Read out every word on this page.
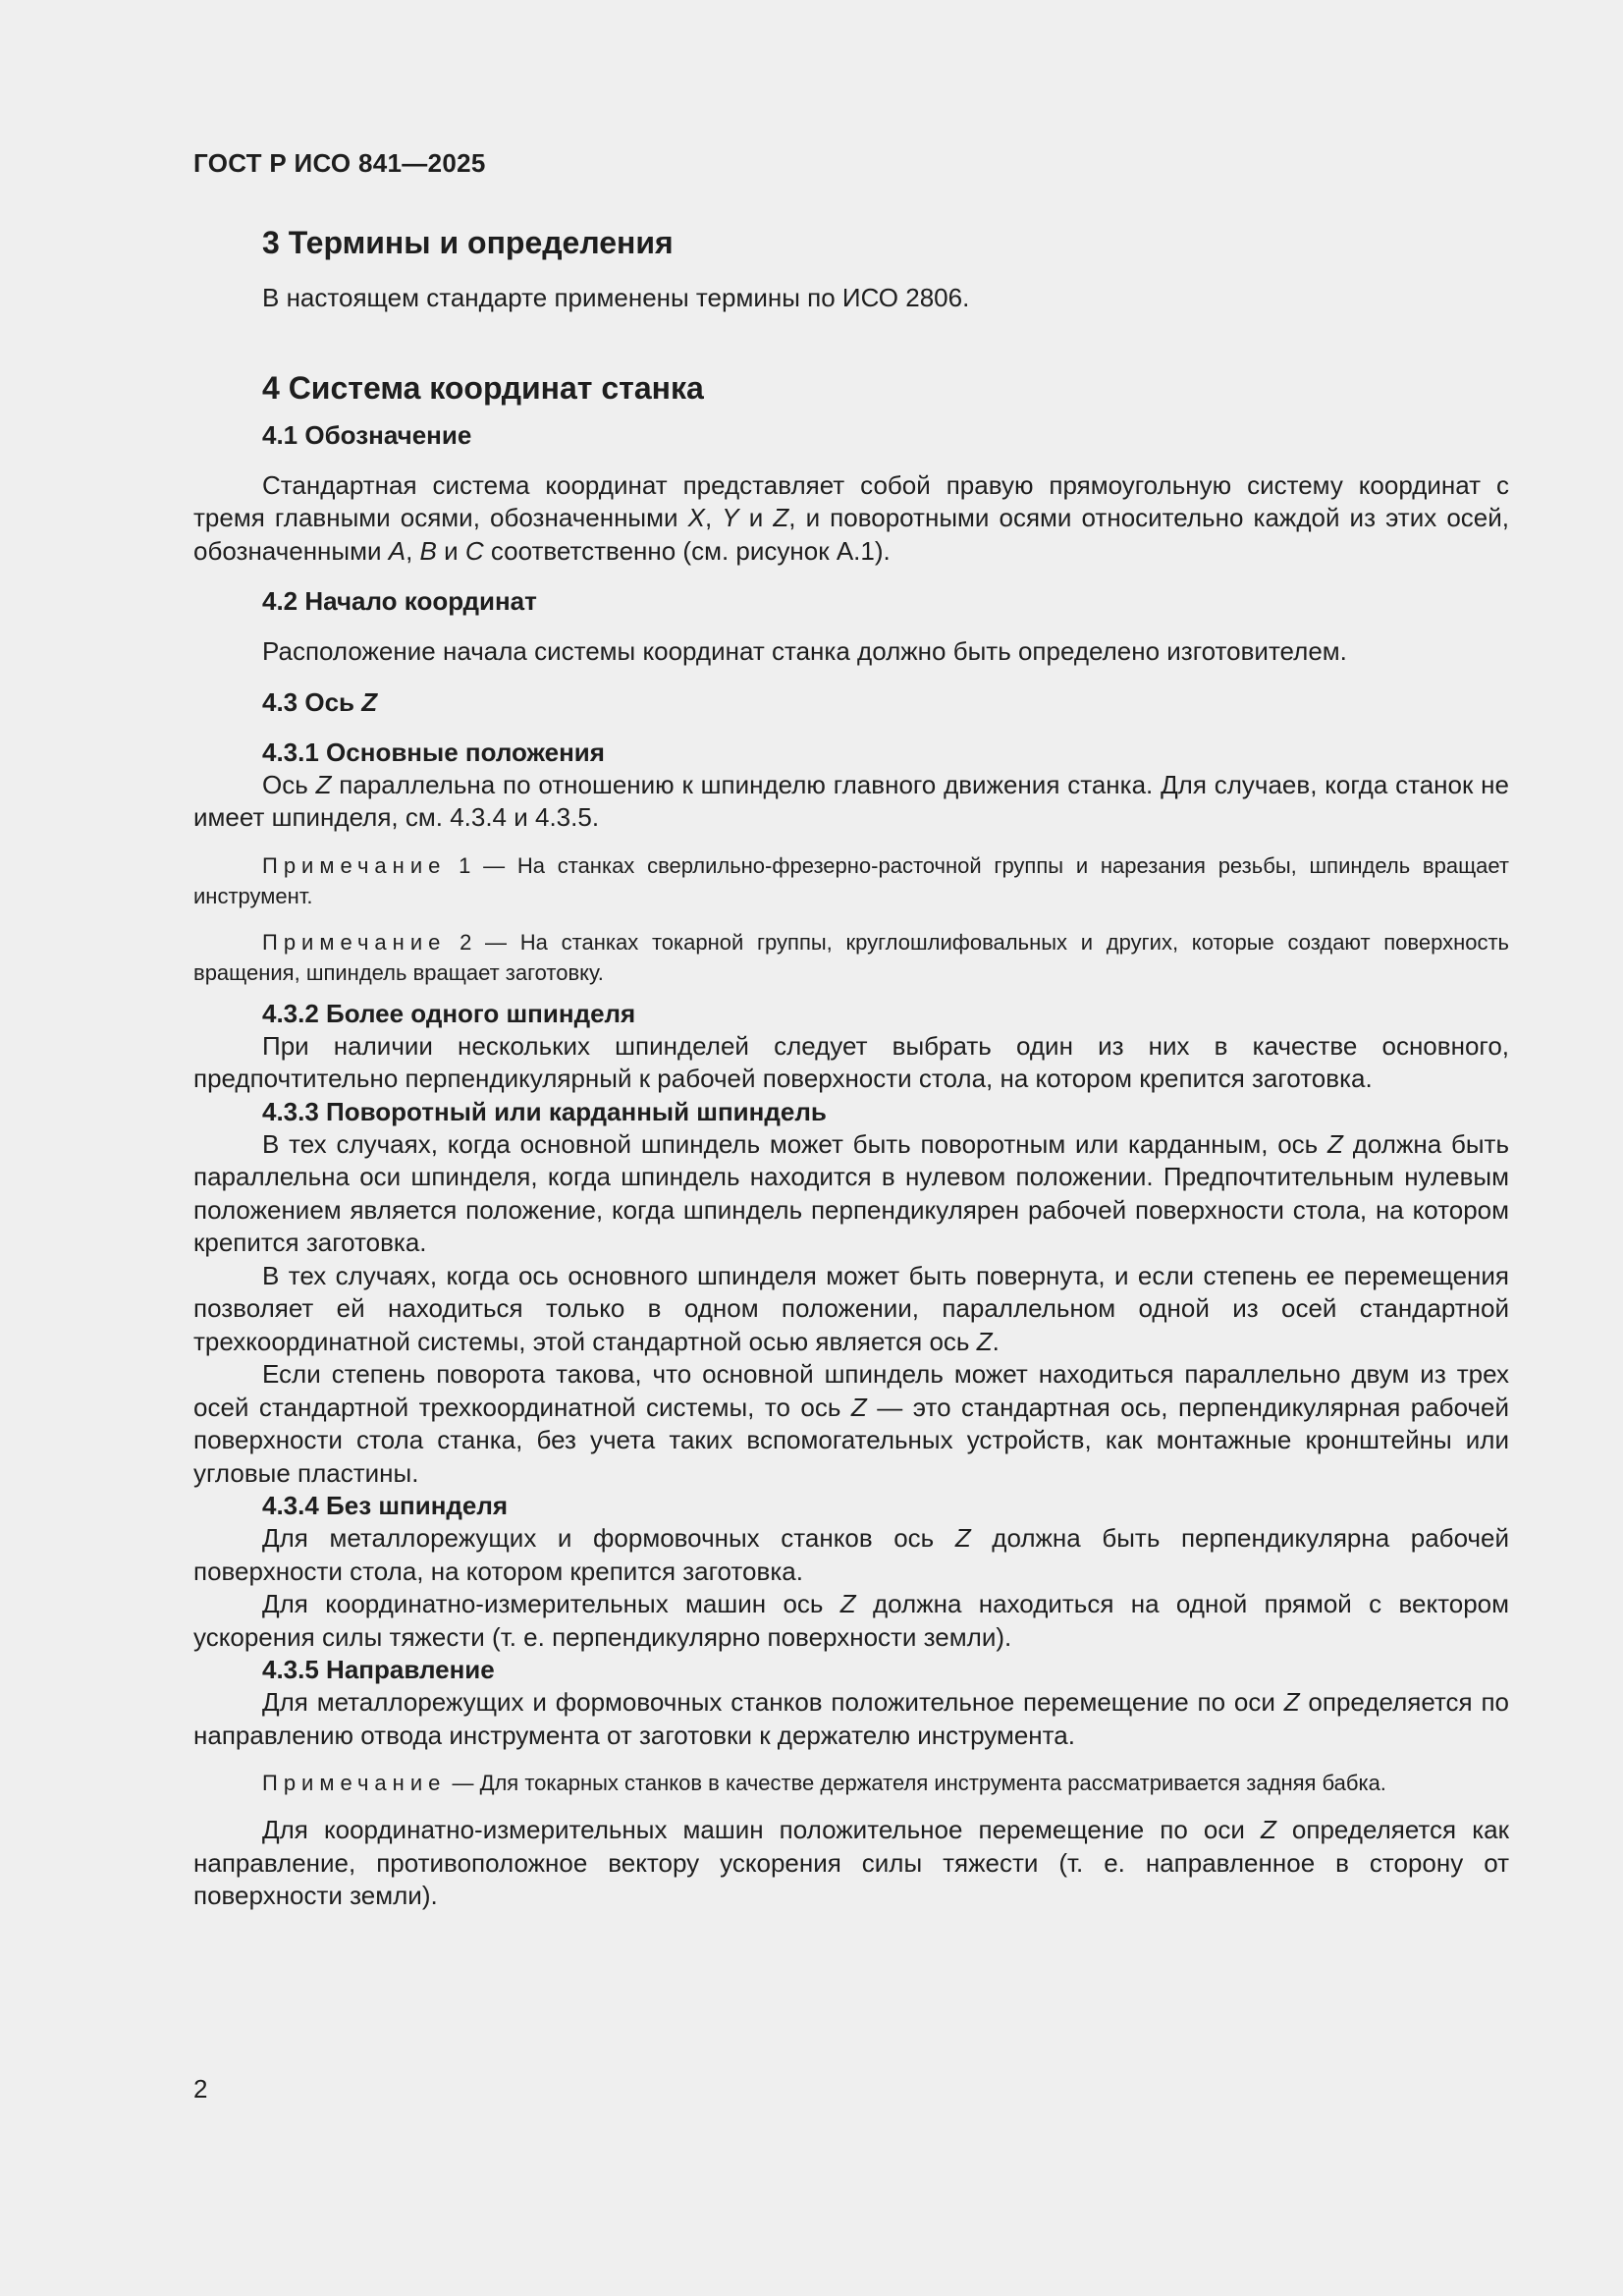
ГОСТ Р ИСО 841—2025
3 Термины и определения

В настоящем стандарте применены термины по ИСО 2806.

4 Система координат станка
4.1 Обозначение

Стандартная система координат представляет собой правую прямоугольную систему координат с тремя главными осями, обозначенными X, Y и Z, и поворотными осями относительно каждой из этих осей, обозначенными A, B и C соответственно (см. рисунок А.1).

4.2 Начало координат

Расположение начала системы координат станка должно быть определено изготовителем.

4.3 Ось Z
4.3.1 Основные положения

Ось Z параллельна по отношению к шпинделю главного движения станка. Для случаев, когда станок не имеет шпинделя, см. 4.3.4 и 4.3.5.

Примечание 1 — На станках сверлильно-фрезерно-расточной группы и нарезания резьбы, шпиндель вращает инструмент.

Примечание 2 — На станках токарной группы, круглошлифовальных и других, которые создают поверхность вращения, шпиндель вращает заготовку.

4.3.2 Более одного шпинделя

При наличии нескольких шпинделей следует выбрать один из них в качестве основного, предпочтительно перпендикулярный к рабочей поверхности стола, на котором крепится заготовка.

4.3.3 Поворотный или карданный шпиндель

В тех случаях, когда основной шпиндель может быть поворотным или карданным, ось Z должна быть параллельна оси шпинделя, когда шпиндель находится в нулевом положении. Предпочтительным нулевым положением является положение, когда шпиндель перпендикулярен рабочей поверхности стола, на котором крепится заготовка.

В тех случаях, когда ось основного шпинделя может быть повернута, и если степень ее перемещения позволяет ей находиться только в одном положении, параллельном одной из осей стандартной трехкоординатной системы, этой стандартной осью является ось Z.

Если степень поворота такова, что основной шпиндель может находиться параллельно двум из трех осей стандартной трехкоординатной системы, то ось Z — это стандартная ось, перпендикулярная рабочей поверхности стола станка, без учета таких вспомогательных устройств, как монтажные кронштейны или угловые пластины.

4.3.4 Без шпинделя

Для металлорежущих и формовочных станков ось Z должна быть перпендикулярна рабочей поверхности стола, на котором крепится заготовка.

Для координатно-измерительных машин ось Z должна находиться на одной прямой с вектором ускорения силы тяжести (т. е. перпендикулярно поверхности земли).

4.3.5 Направление

Для металлорежущих и формовочных станков положительное перемещение по оси Z определяется по направлению отвода инструмента от заготовки к держателю инструмента.

Примечание — Для токарных станков в качестве держателя инструмента рассматривается задняя бабка.

Для координатно-измерительных машин положительное перемещение по оси Z определяется как направление, противоположное вектору ускорения силы тяжести (т. е. направленное в сторону от поверхности земли).

2
